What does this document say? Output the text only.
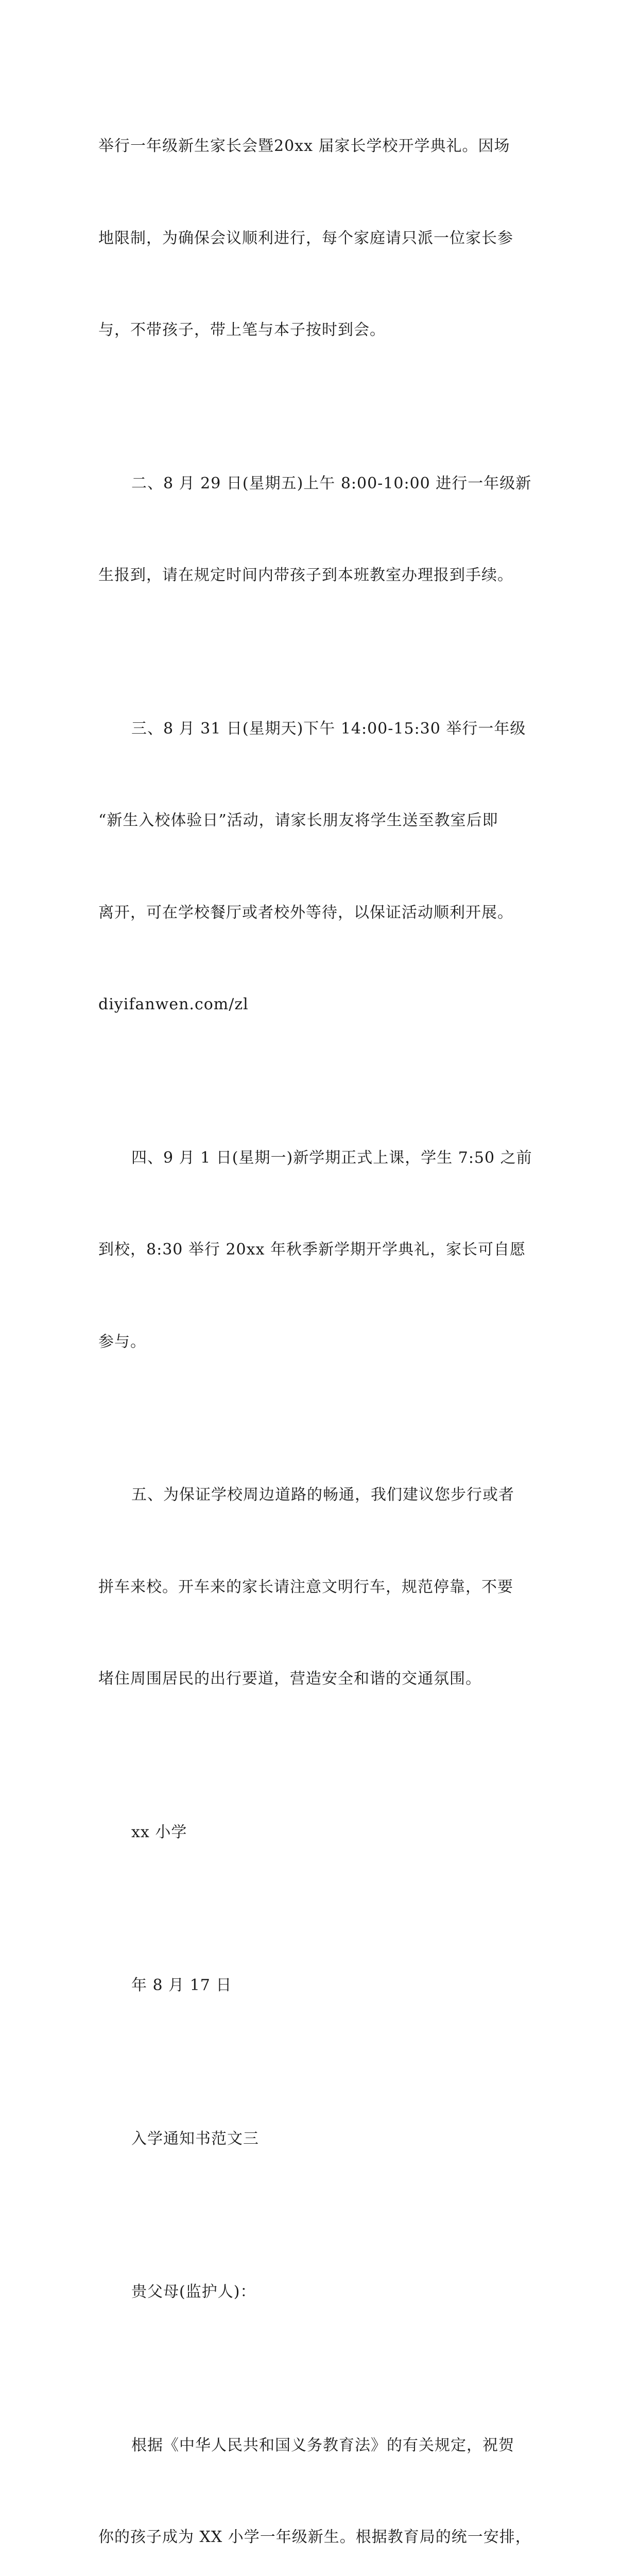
举行一年级新生家长会暨20xx 届家长学校开学典礼。因场

地限制，为确保会议顺利进行，每个家庭请只派一位家长参

与，不带孩子，带上笔与本子按时到会。

二、8 月 29 日(星期五)上午 8:00-10:00 进行一年级新

生报到，请在规定时间内带孩子到本班教室办理报到手续。

三、8 月 31 日(星期天)下午 14:00-15:30 举行一年级

“新生入校体验日”活动，请家长朋友将学生送至教室后即

离开，可在学校餐厅或者校外等待，以保证活动顺利开展。

diyifanwen.com/zl

四、9 月 1 日(星期一)新学期正式上课，学生 7:50 之前

到校，8:30 举行 20xx 年秋季新学期开学典礼，家长可自愿

参与。

五、为保证学校周边道路的畅通，我们建议您步行或者

拼车来校。开车来的家长请注意文明行车，规范停靠，不要

堵住周围居民的出行要道，营造安全和谐的交通氛围。

xx 小学

年 8 月 17 日

入学通知书范文三

贵父母(监护人)：

根据《中华人民共和国义务教育法》的有关规定，祝贺

你的孩子成为 XX 小学一年级新生。根据教育局的统一安排，
